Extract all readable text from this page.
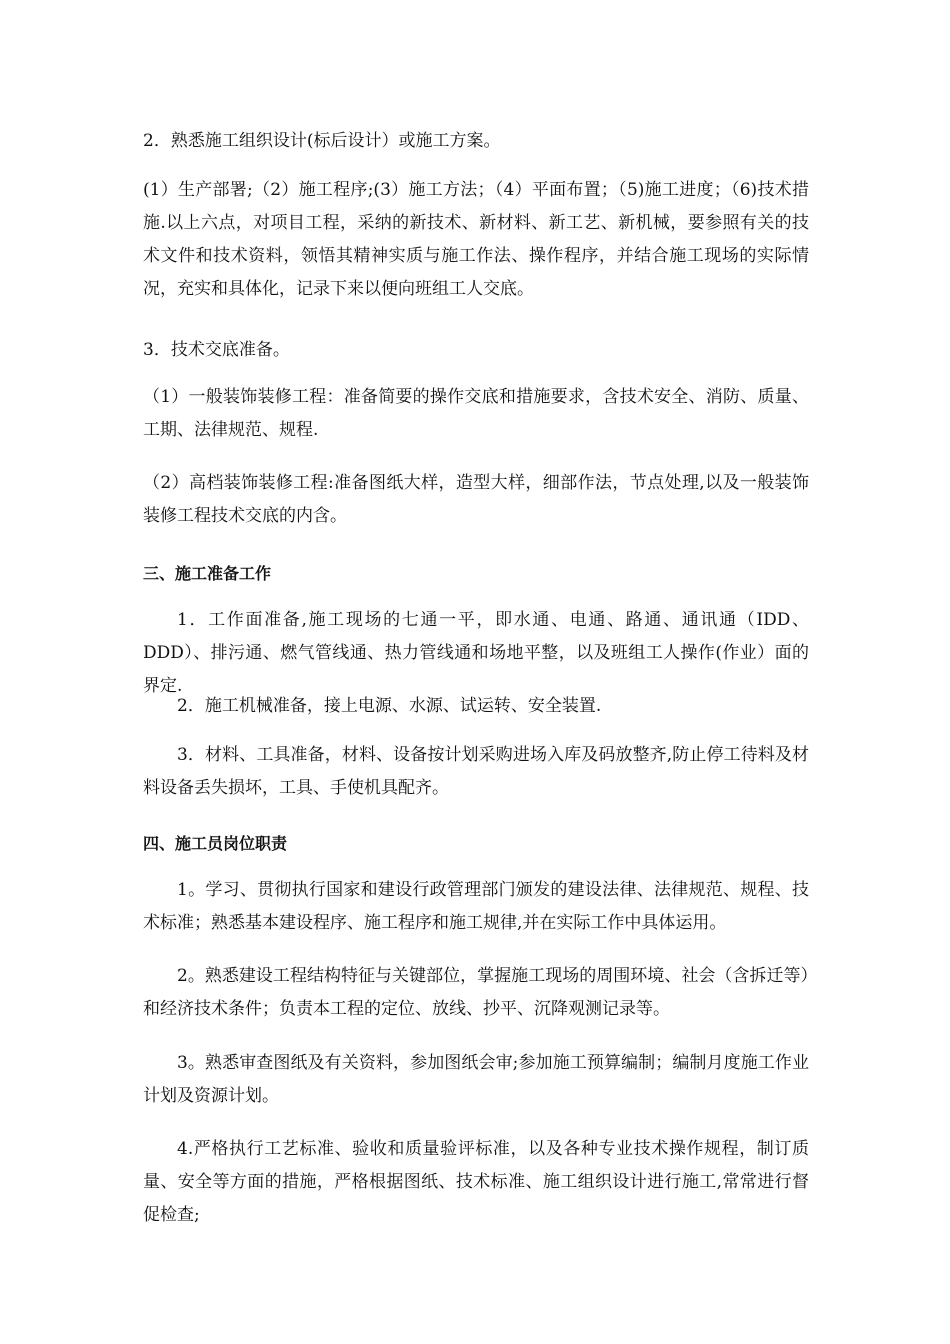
2．熟悉施工组织设计(标后设计）或施工方案。

(1）生产部署;（2）施工程序;(3）施工方法；（4）平面布置；（5)施工进度；（6)技术措施.以上六点，对项目工程，采纳的新技术、新材料、新工艺、新机械，要参照有关的技术文件和技术资料，领悟其精神实质与施工作法、操作程序，并结合施工现场的实际情况，充实和具体化，记录下来以便向班组工人交底。

3．技术交底准备。

（1）一般装饰装修工程：准备简要的操作交底和措施要求，含技术安全、消防、质量、工期、法律规范、规程.

（2）高档装饰装修工程:准备图纸大样，造型大样，细部作法，节点处理,以及一般装饰装修工程技术交底的内含。

三、施工准备工作

1．工作面准备,施工现场的七通一平，即水通、电通、路通、通讯通（IDD、DDD）、排污通、燃气管线通、热力管线通和场地平整，以及班组工人操作(作业）面的界定.

2．施工机械准备，接上电源、水源、试运转、安全装置.

3．材料、工具准备，材料、设备按计划采购进场入库及码放整齐,防止停工待料及材料设备丢失损坏，工具、手使机具配齐。

四、施工员岗位职责

1。学习、贯彻执行国家和建设行政管理部门颁发的建设法律、法律规范、规程、技术标准；熟悉基本建设程序、施工程序和施工规律,并在实际工作中具体运用。

2。熟悉建设工程结构特征与关键部位，掌握施工现场的周围环境、社会（含拆迁等）和经济技术条件；负责本工程的定位、放线、抄平、沉降观测记录等。

3。熟悉审查图纸及有关资料，参加图纸会审;参加施工预算编制；编制月度施工作业计划及资源计划。

4.严格执行工艺标准、验收和质量验评标准，以及各种专业技术操作规程，制订质量、安全等方面的措施，严格根据图纸、技术标准、施工组织设计进行施工,常常进行督促检查;
